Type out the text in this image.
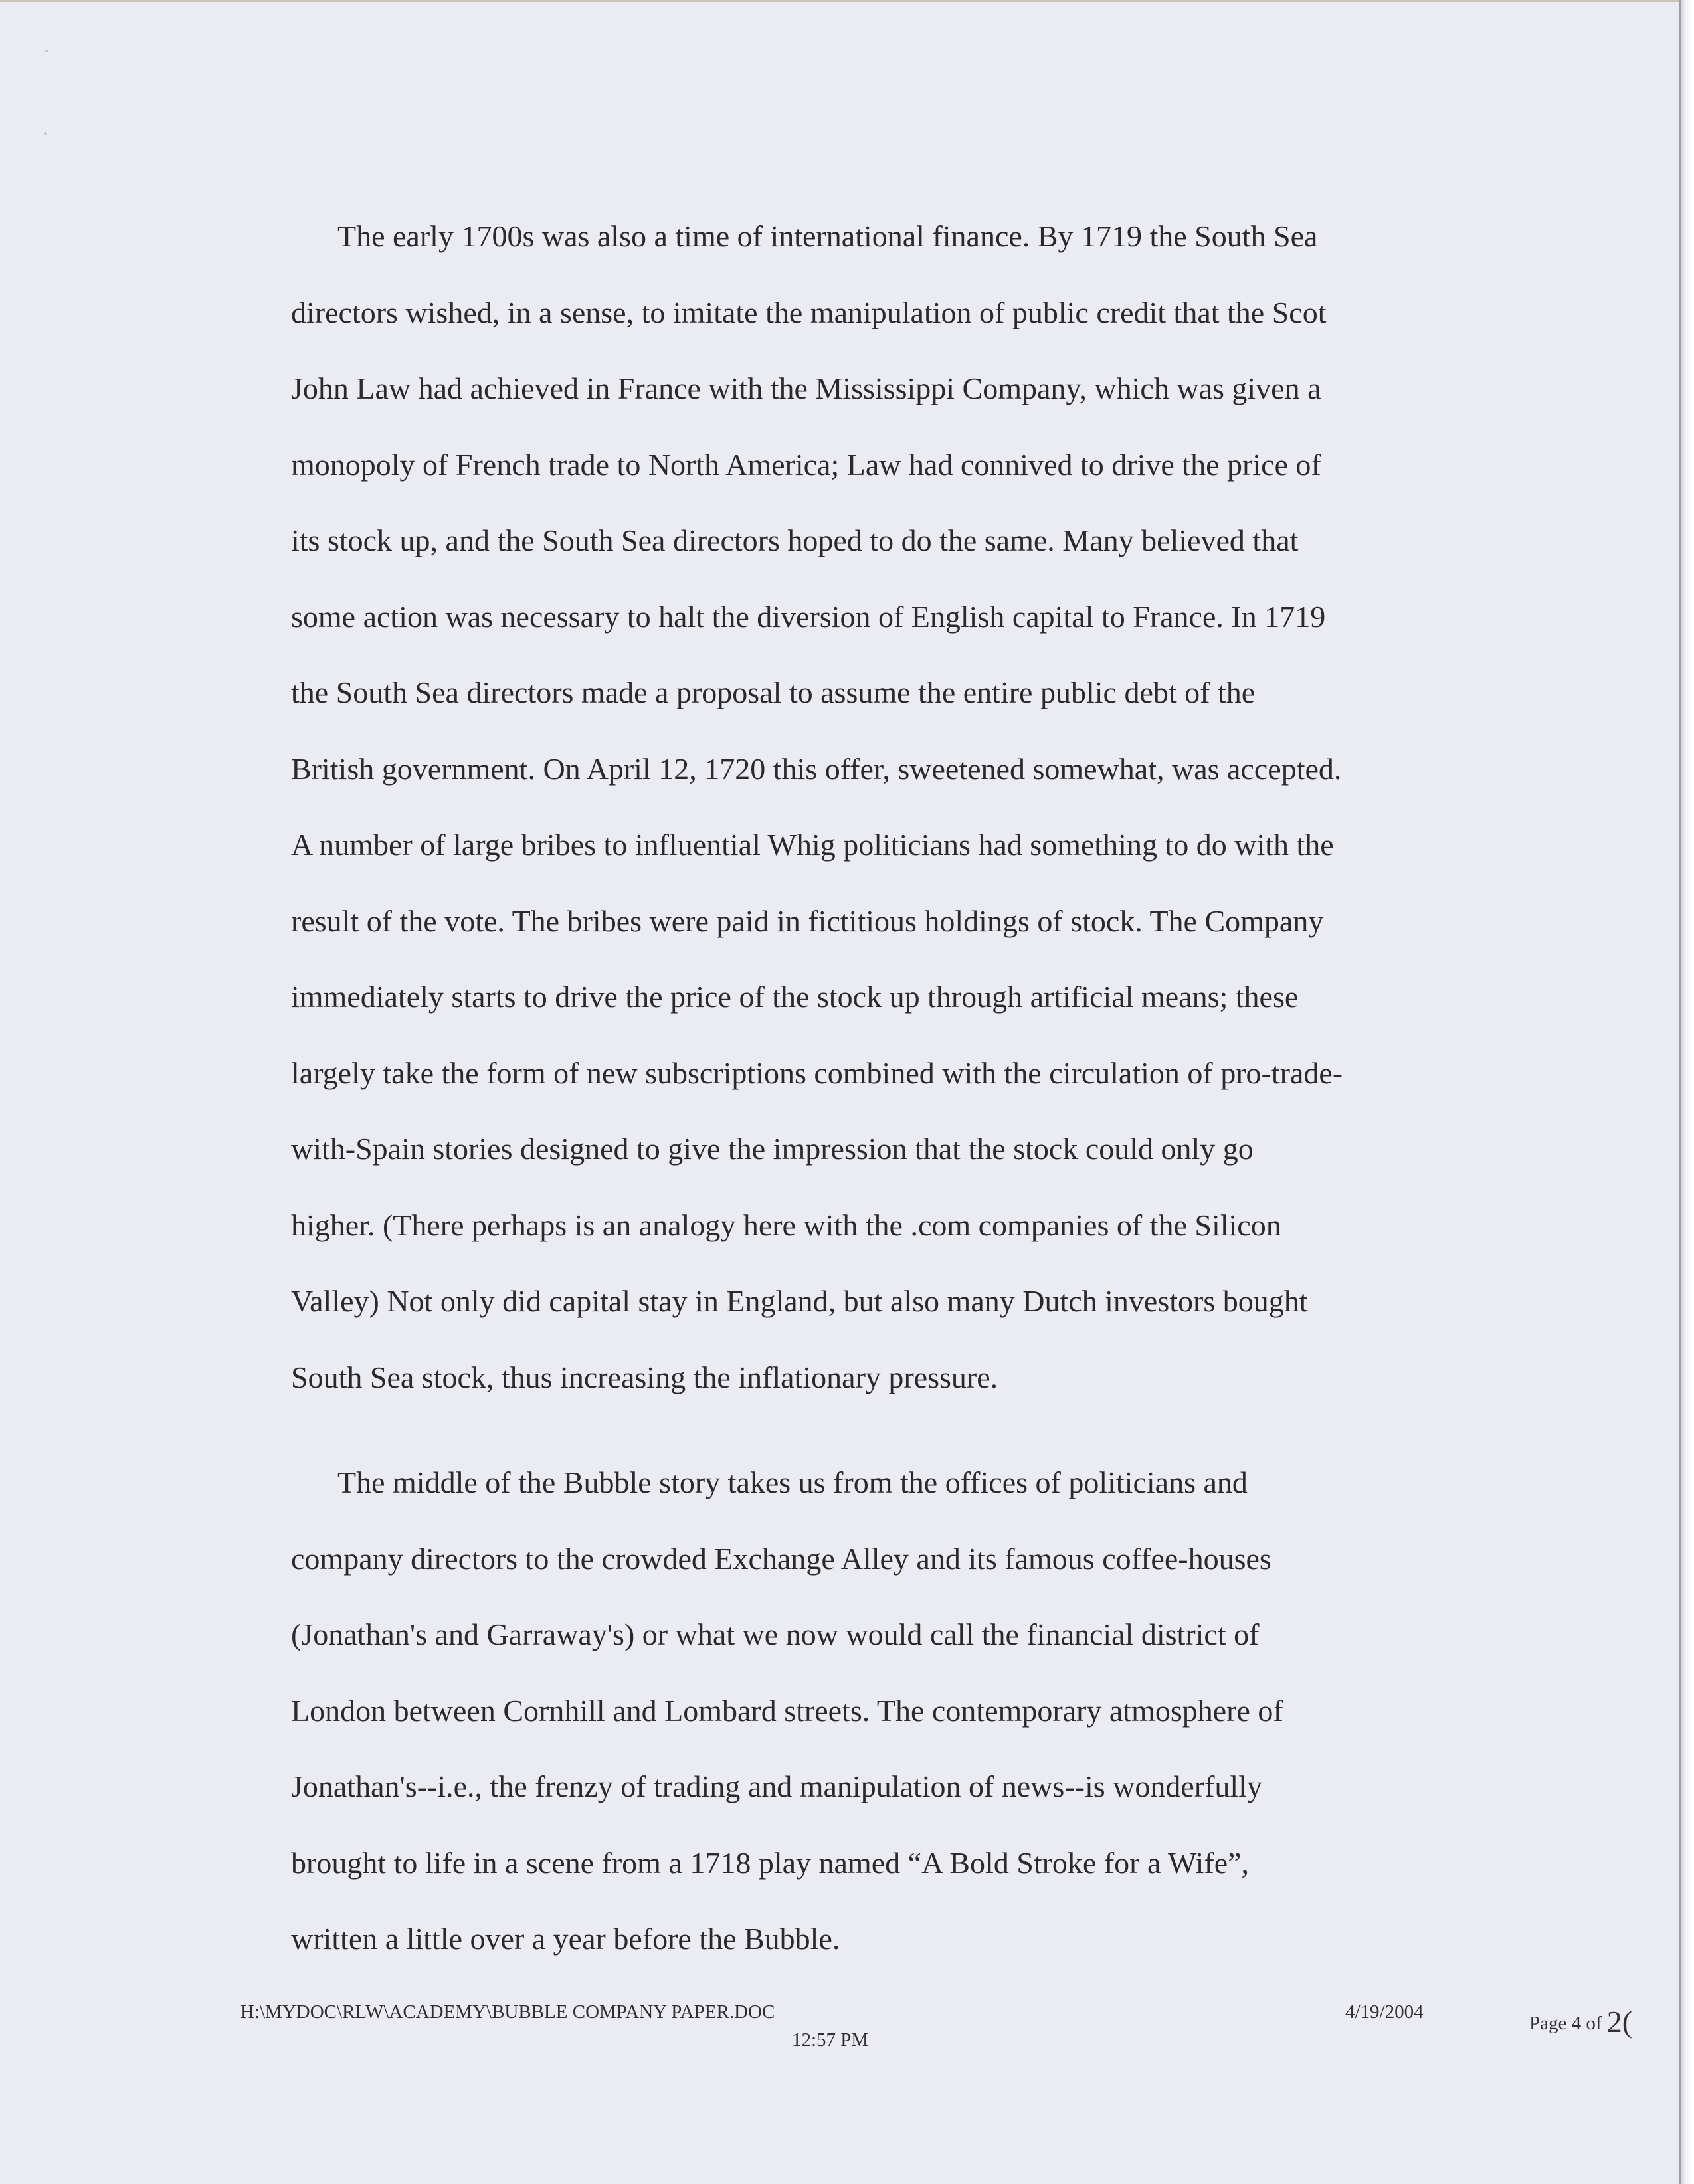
The early 1700s was also a time of international finance. By 1719 the South Sea
directors wished, in a sense, to imitate the manipulation of public credit that the Scot
John Law had achieved in France with the Mississippi Company, which was given a
monopoly of French trade to North America; Law had connived to drive the price of
its stock up, and the South Sea directors hoped to do the same. Many believed that
some action was necessary to halt the diversion of English capital to France. In 1719
the South Sea directors made a proposal to assume the entire public debt of the
British government. On April 12, 1720 this offer, sweetened somewhat, was accepted.
A number of large bribes to influential Whig politicians had something to do with the
result of the vote. The bribes were paid in fictitious holdings of stock. The Company
immediately starts to drive the price of the stock up through artificial means; these
largely take the form of new subscriptions combined with the circulation of pro-trade-
with-Spain stories designed to give the impression that the stock could only go
higher. (There perhaps is an analogy here with the .com companies of the Silicon
Valley) Not only did capital stay in England, but also many Dutch investors bought
South Sea stock, thus increasing the inflationary pressure.

The middle of the Bubble story takes us from the offices of politicians and
company directors to the crowded Exchange Alley and its famous coffee-houses
(Jonathan's and Garraway's) or what we now would call the financial district of
London between Cornhill and Lombard streets. The contemporary atmosphere of
Jonathan's--i.e., the frenzy of trading and manipulation of news--is wonderfully
brought to life in a scene from a 1718 play named “A Bold Stroke for a Wife”,
written a little over a year before the Bubble.

H:\MYDOC\RLW\ACADEMY\BUBBLE COMPANY PAPER.DOC	4/19/2004
12:57 PM
Page 4 of 2(
